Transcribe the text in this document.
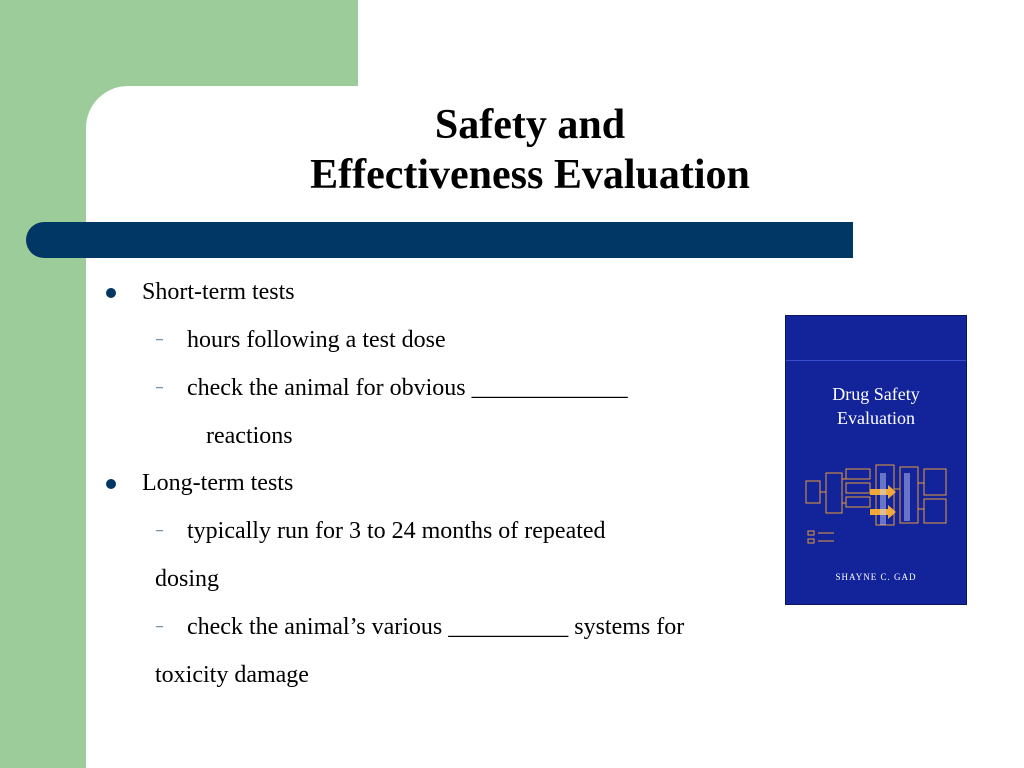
Safety and
Effectiveness Evaluation
Short-term tests
– hours following a test dose
– check the animal for obvious _____________
reactions
Long-term tests
– typically run for 3 to 24 months of repeated
dosing
– check the animal’s various __________ systems for
toxicity damage
Drug Safety
Evaluation
SHAYNE C. GAD
